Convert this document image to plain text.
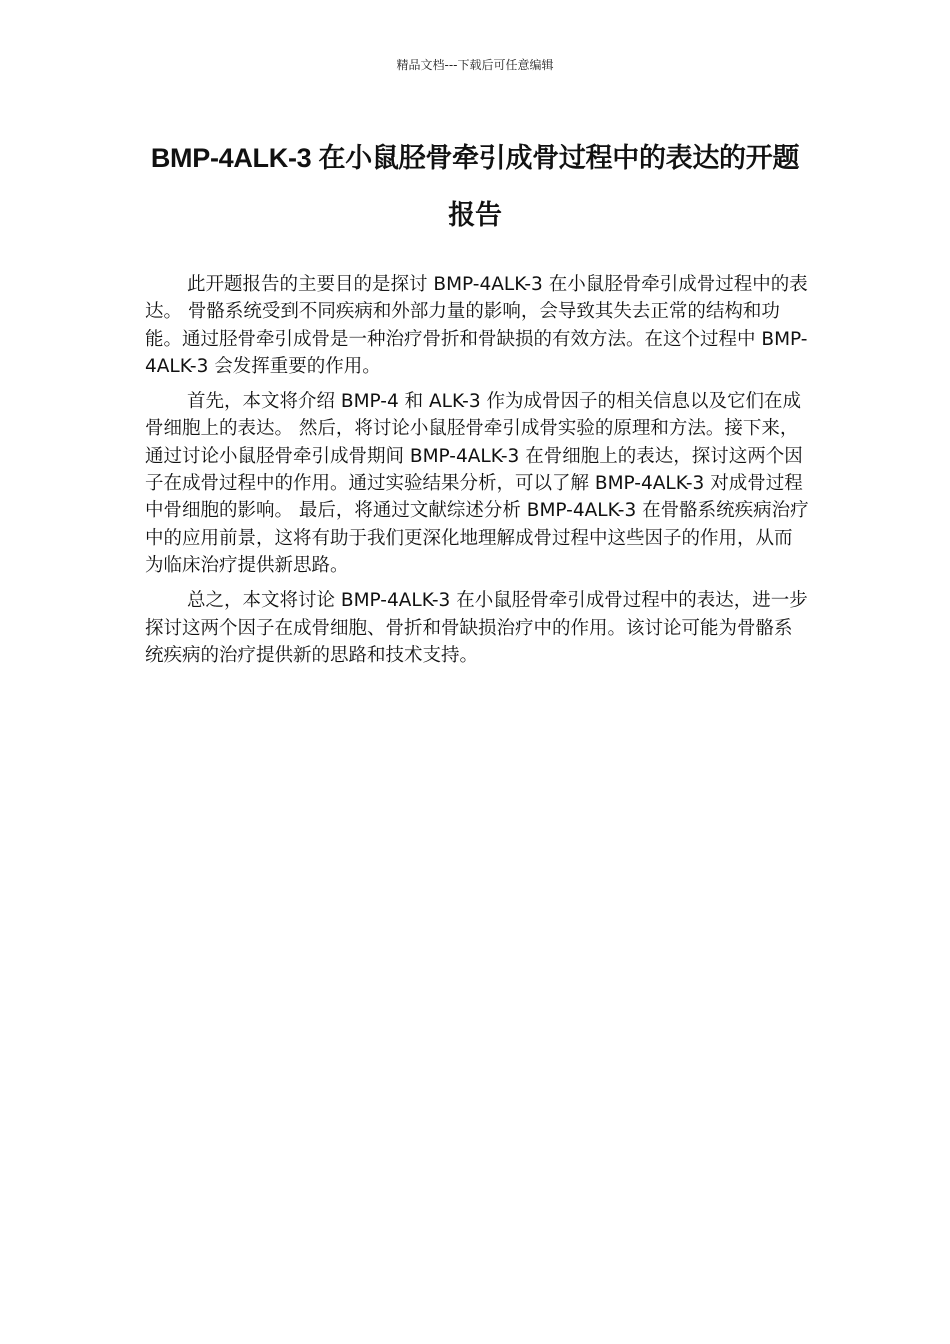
精品文档---下载后可任意编辑
BMP-4ALK-3 在小鼠胫骨牵引成骨过程中的表达的开题报告

此开题报告的主要目的是探讨 BMP-4ALK-3 在小鼠胫骨牵引成骨过程中的表达。 骨骼系统受到不同疾病和外部力量的影响，会导致其失去正常的结构和功能。通过胫骨牵引成骨是一种治疗骨折和骨缺损的有效方法。在这个过程中 BMP-4ALK-3 会发挥重要的作用。

首先，本文将介绍 BMP-4 和 ALK-3 作为成骨因子的相关信息以及它们在成骨细胞上的表达。 然后，将讨论小鼠胫骨牵引成骨实验的原理和方法。接下来，通过讨论小鼠胫骨牵引成骨期间 BMP-4ALK-3 在骨细胞上的表达，探讨这两个因子在成骨过程中的作用。通过实验结果分析，可以了解 BMP-4ALK-3 对成骨过程中骨细胞的影响。 最后，将通过文献综述分析 BMP-4ALK-3 在骨骼系统疾病治疗中的应用前景，这将有助于我们更深化地理解成骨过程中这些因子的作用，从而为临床治疗提供新思路。

总之，本文将讨论 BMP-4ALK-3 在小鼠胫骨牵引成骨过程中的表达，进一步探讨这两个因子在成骨细胞、骨折和骨缺损治疗中的作用。该讨论可能为骨骼系统疾病的治疗提供新的思路和技术支持。
